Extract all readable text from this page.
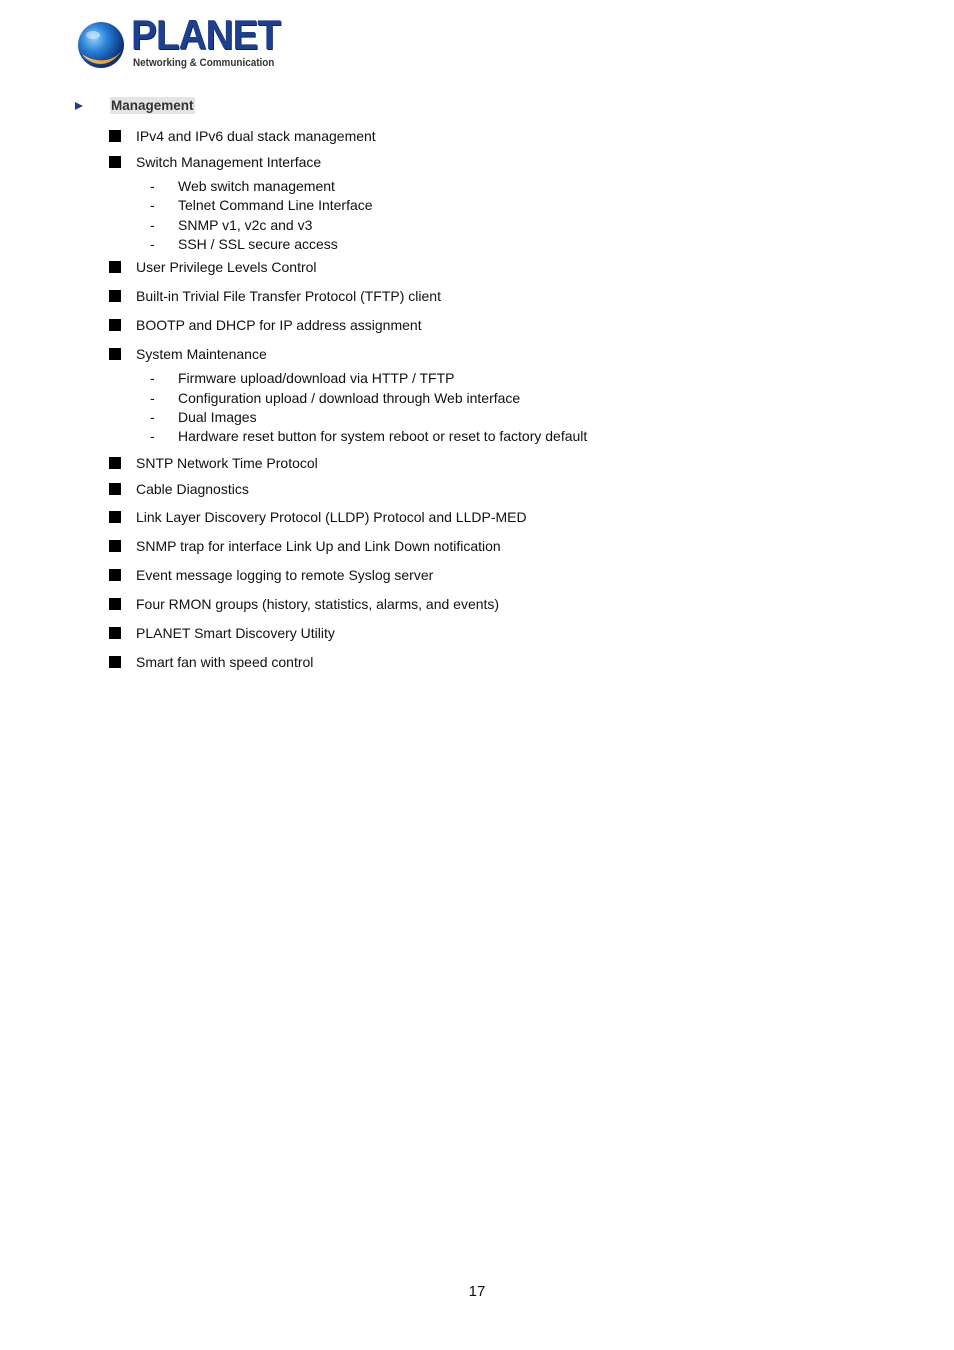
PLANET
Networking & Communication
Management
IPv4 and IPv6 dual stack management
Switch Management Interface
-	Web switch management
-	Telnet Command Line Interface
-	SNMP v1, v2c and v3
-	SSH / SSL secure access
User Privilege Levels Control
Built-in Trivial File Transfer Protocol (TFTP) client
BOOTP and DHCP for IP address assignment
System Maintenance
-	Firmware upload/download via HTTP / TFTP
-	Configuration upload / download through Web interface
-	Dual Images
-	Hardware reset button for system reboot or reset to factory default
SNTP Network Time Protocol
Cable Diagnostics
Link Layer Discovery Protocol (LLDP) Protocol and LLDP-MED
SNMP trap for interface Link Up and Link Down notification
Event message logging to remote Syslog server
Four RMON groups (history, statistics, alarms, and events)
PLANET Smart Discovery Utility
Smart fan with speed control
17
